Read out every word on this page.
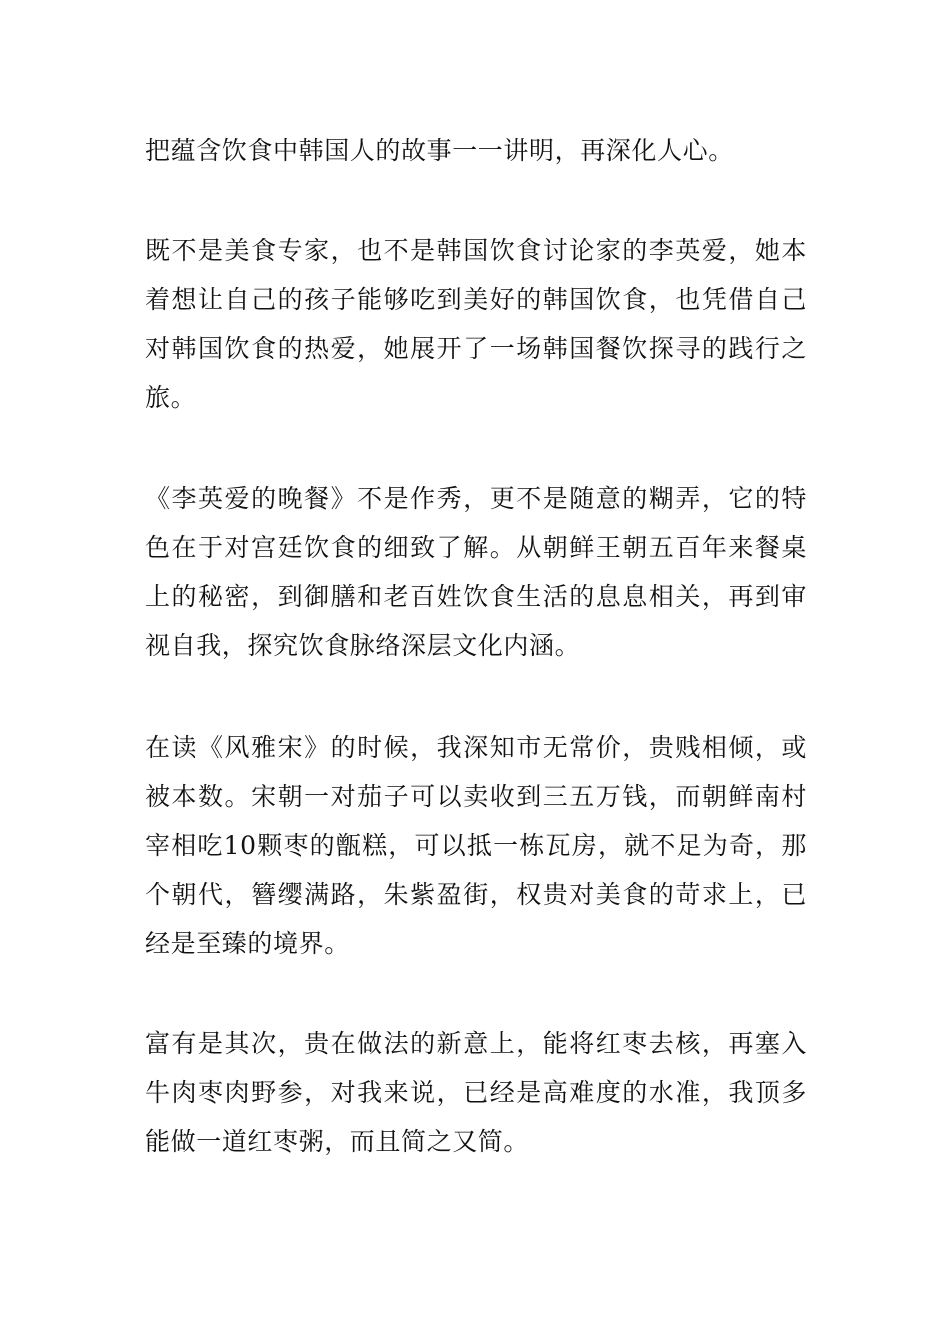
把蕴含饮食中韩国人的故事一一讲明，再深化人心。

既不是美食专家，也不是韩国饮食讨论家的李英爱，她本着想让自己的孩子能够吃到美好的韩国饮食，也凭借自己对韩国饮食的热爱，她展开了一场韩国餐饮探寻的践行之旅。

《李英爱的晚餐》不是作秀，更不是随意的糊弄，它的特色在于对宫廷饮食的细致了解。从朝鲜王朝五百年来餐桌上的秘密，到御膳和老百姓饮食生活的息息相关，再到审视自我，探究饮食脉络深层文化内涵。

在读《风雅宋》的时候，我深知市无常价，贵贱相倾，或被本数。宋朝一对茄子可以卖收到三五万钱，而朝鲜南村宰相吃10颗枣的甑糕，可以抵一栋瓦房，就不足为奇，那个朝代，簪缨满路，朱紫盈街，权贵对美食的苛求上，已经是至臻的境界。

富有是其次，贵在做法的新意上，能将红枣去核，再塞入牛肉枣肉野参，对我来说，已经是高难度的水准，我顶多能做一道红枣粥，而且简之又简。
